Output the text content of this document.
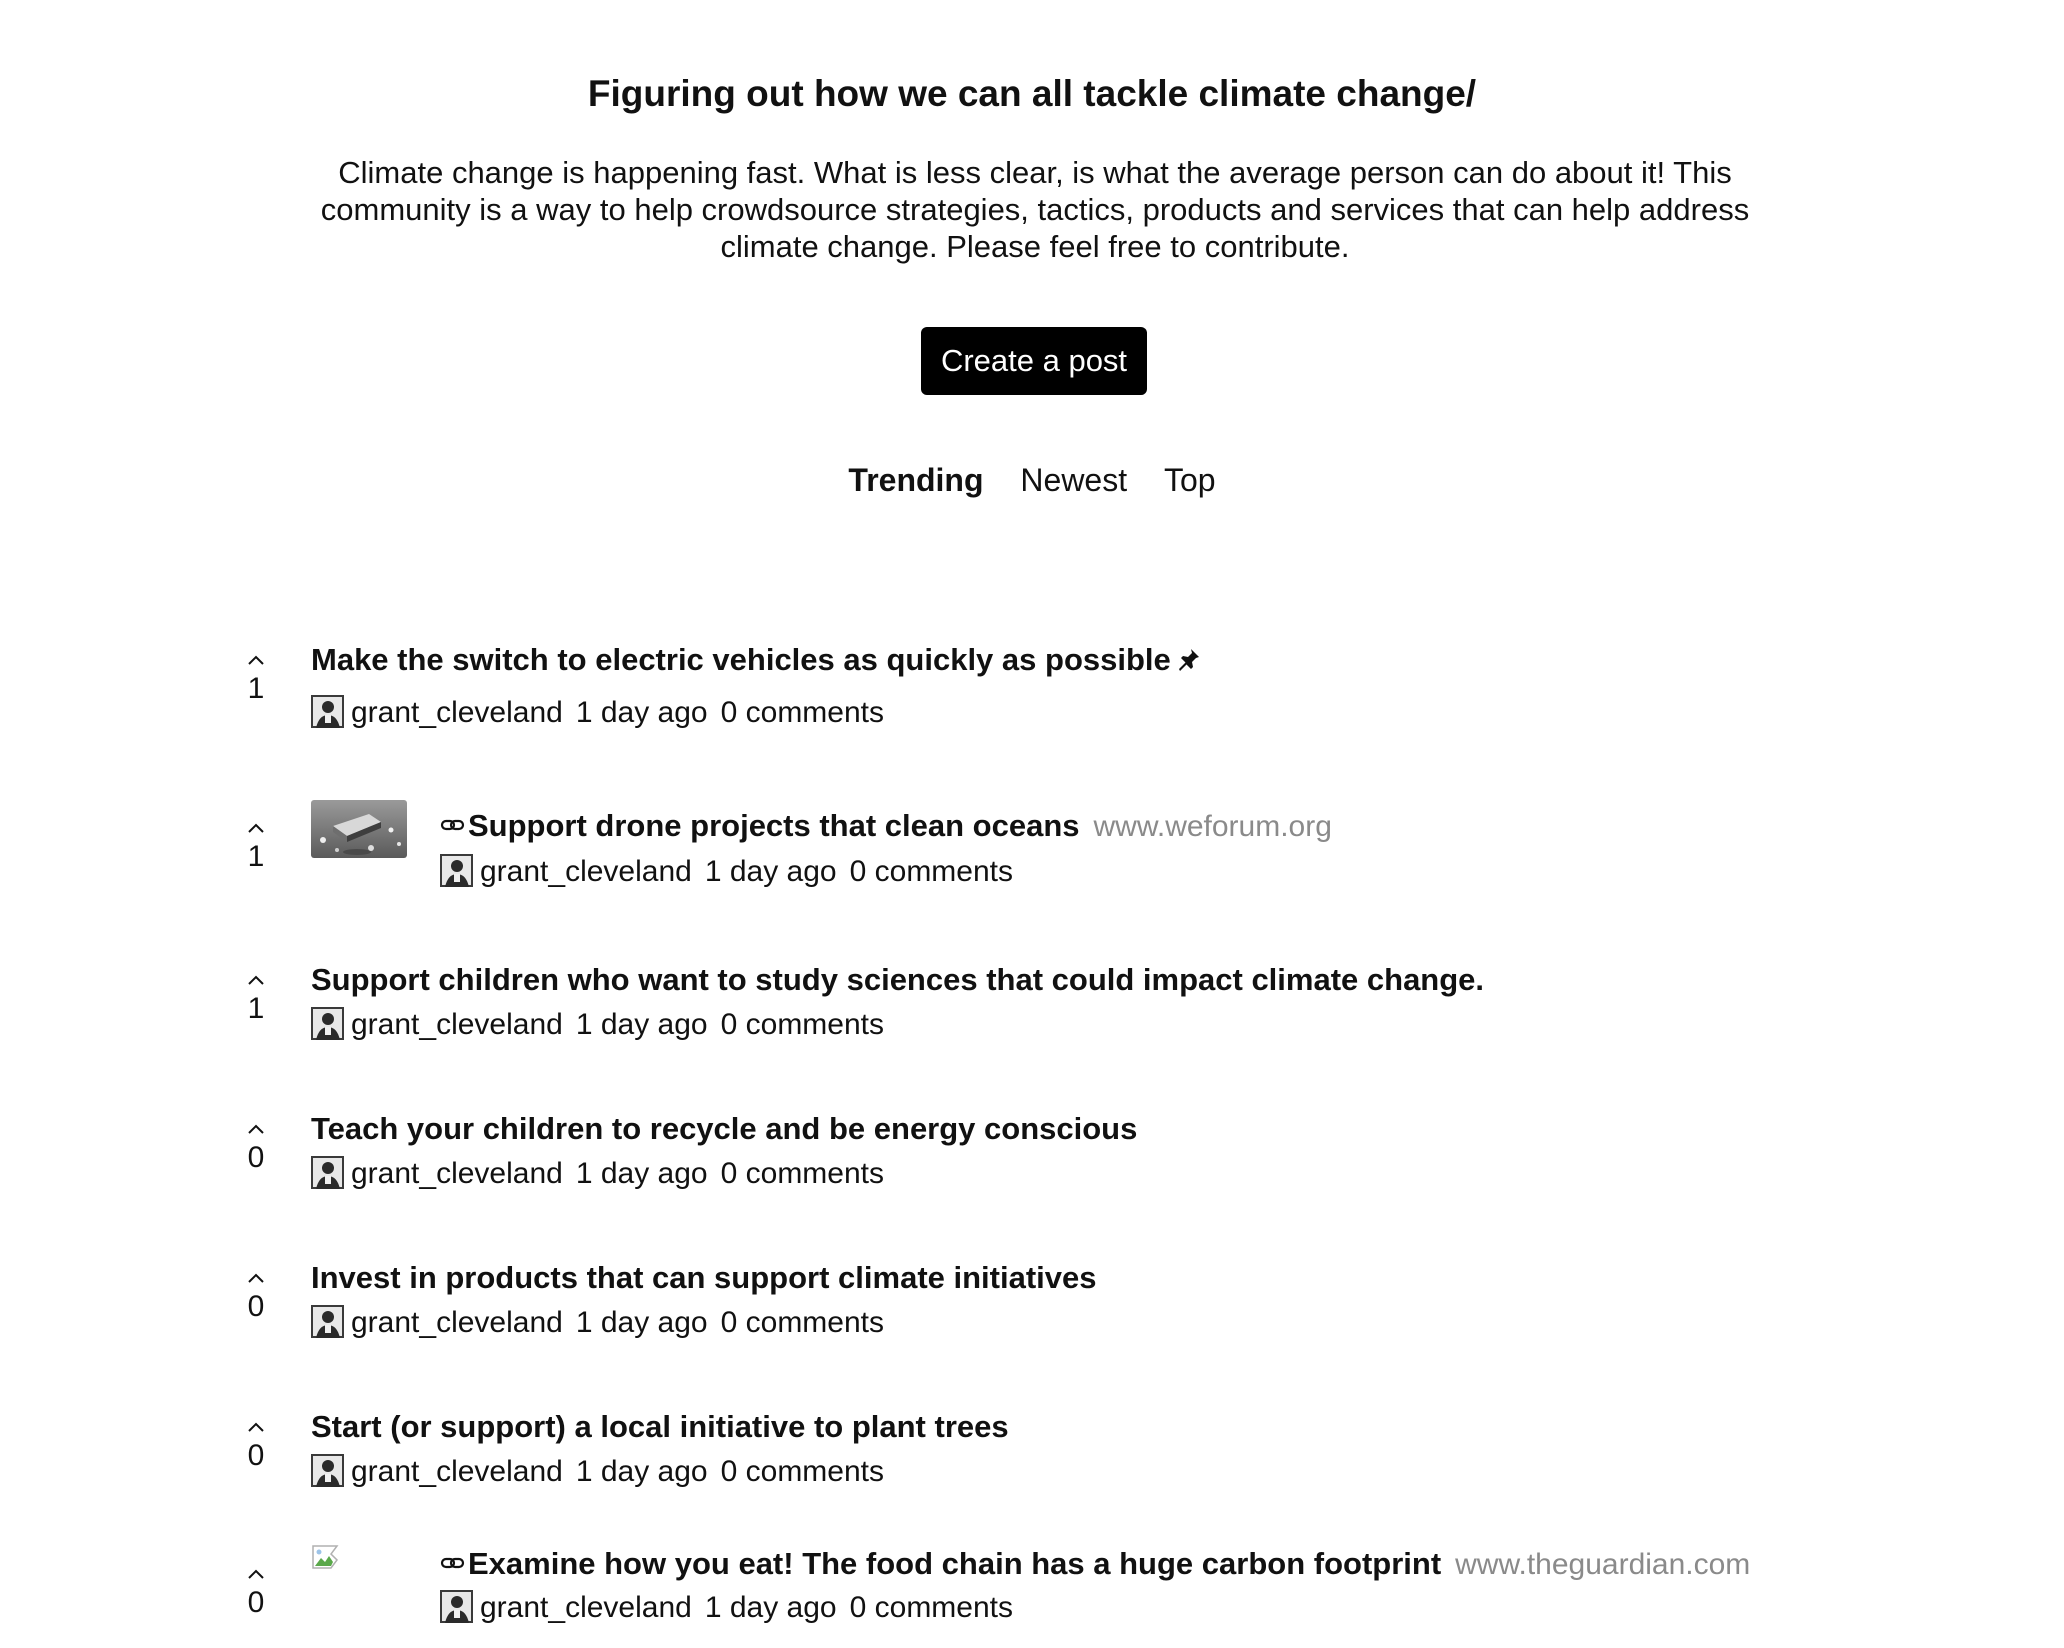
Figuring out how we can all tackle climate change/

Climate change is happening fast. What is less clear, is what the average person can do about it! This community is a way to help crowdsource strategies, tactics, products and services that can help address climate change. Please feel free to contribute.

Create a post
Trending Newest Top
1
Make the switch to electric vehicles as quickly as possible
grant_cleveland 1 day ago 0 comments
1
Support drone projects that clean oceans www.weforum.org
grant_cleveland 1 day ago 0 comments
1
Support children who want to study sciences that could impact climate change.
grant_cleveland 1 day ago 0 comments
0
Teach your children to recycle and be energy conscious
grant_cleveland 1 day ago 0 comments
0
Invest in products that can support climate initiatives
grant_cleveland 1 day ago 0 comments
0
Start (or support) a local initiative to plant trees
grant_cleveland 1 day ago 0 comments
0
Examine how you eat! The food chain has a huge carbon footprint www.theguardian.com
grant_cleveland 1 day ago 0 comments
